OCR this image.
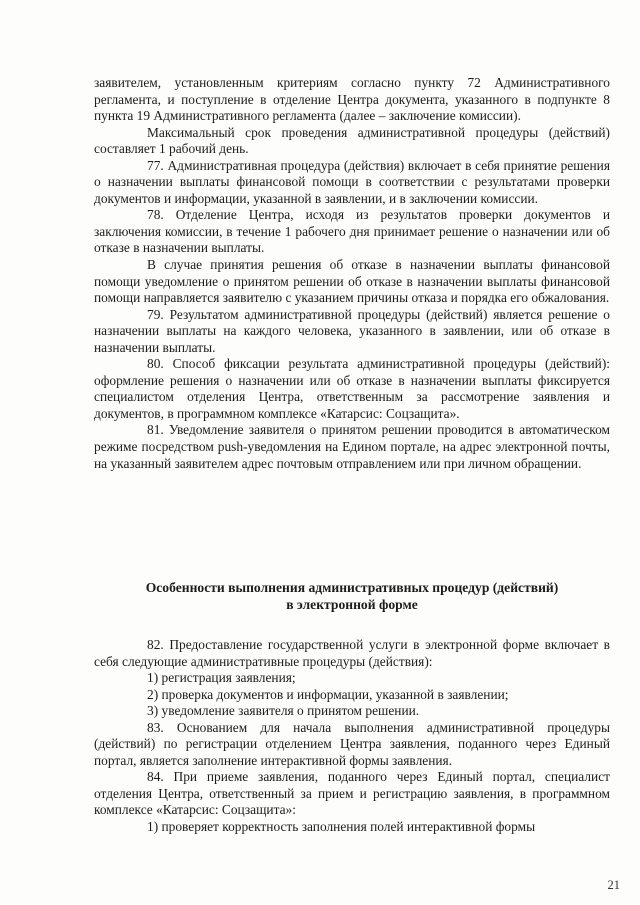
заявителем, установленным критериям согласно пункту 72 Административного регламента, и поступление в отделение Центра документа, указанного в подпункте 8 пункта 19 Административного регламента (далее – заключение комиссии).

Максимальный срок проведения административной процедуры (действий) составляет 1 рабочий день.

77. Административная процедура (действия) включает в себя принятие решения о назначении выплаты финансовой помощи в соответствии с результатами проверки документов и информации, указанной в заявлении, и в заключении комиссии.

78. Отделение Центра, исходя из результатов проверки документов и заключения комиссии, в течение 1 рабочего дня принимает решение о назначении или об отказе в назначении выплаты.

В случае принятия решения об отказе в назначении выплаты финансовой помощи уведомление о принятом решении об отказе в назначении выплаты финансовой помощи направляется заявителю с указанием причины отказа и порядка его обжалования.

79. Результатом административной процедуры (действий) является решение о назначении выплаты на каждого человека, указанного в заявлении, или об отказе в назначении выплаты.

80. Способ фиксации результата административной процедуры (действий): оформление решения о назначении или об отказе в назначении выплаты фиксируется специалистом отделения Центра, ответственным за рассмотрение заявления и документов, в программном комплексе «Катарсис: Соцзащита».

81. Уведомление заявителя о принятом решении проводится в автоматическом режиме посредством push-уведомления на Едином портале, на адрес электронной почты, на указанный заявителем адрес почтовым отправлением или при личном обращении.

Особенности выполнения административных процедур (действий)
в электронной форме

82. Предоставление государственной услуги в электронной форме включает в себя следующие административные процедуры (действия):

1) регистрация заявления;

2) проверка документов и информации, указанной в заявлении;

3) уведомление заявителя о принятом решении.

83. Основанием для начала выполнения административной процедуры (действий) по регистрации отделением Центра заявления, поданного через Единый портал, является заполнение интерактивной формы заявления.

84. При приеме заявления, поданного через Единый портал, специалист отделения Центра, ответственный за прием и регистрацию заявления, в программном комплексе «Катарсис: Соцзащита»:

1) проверяет корректность заполнения полей интерактивной формы

21
